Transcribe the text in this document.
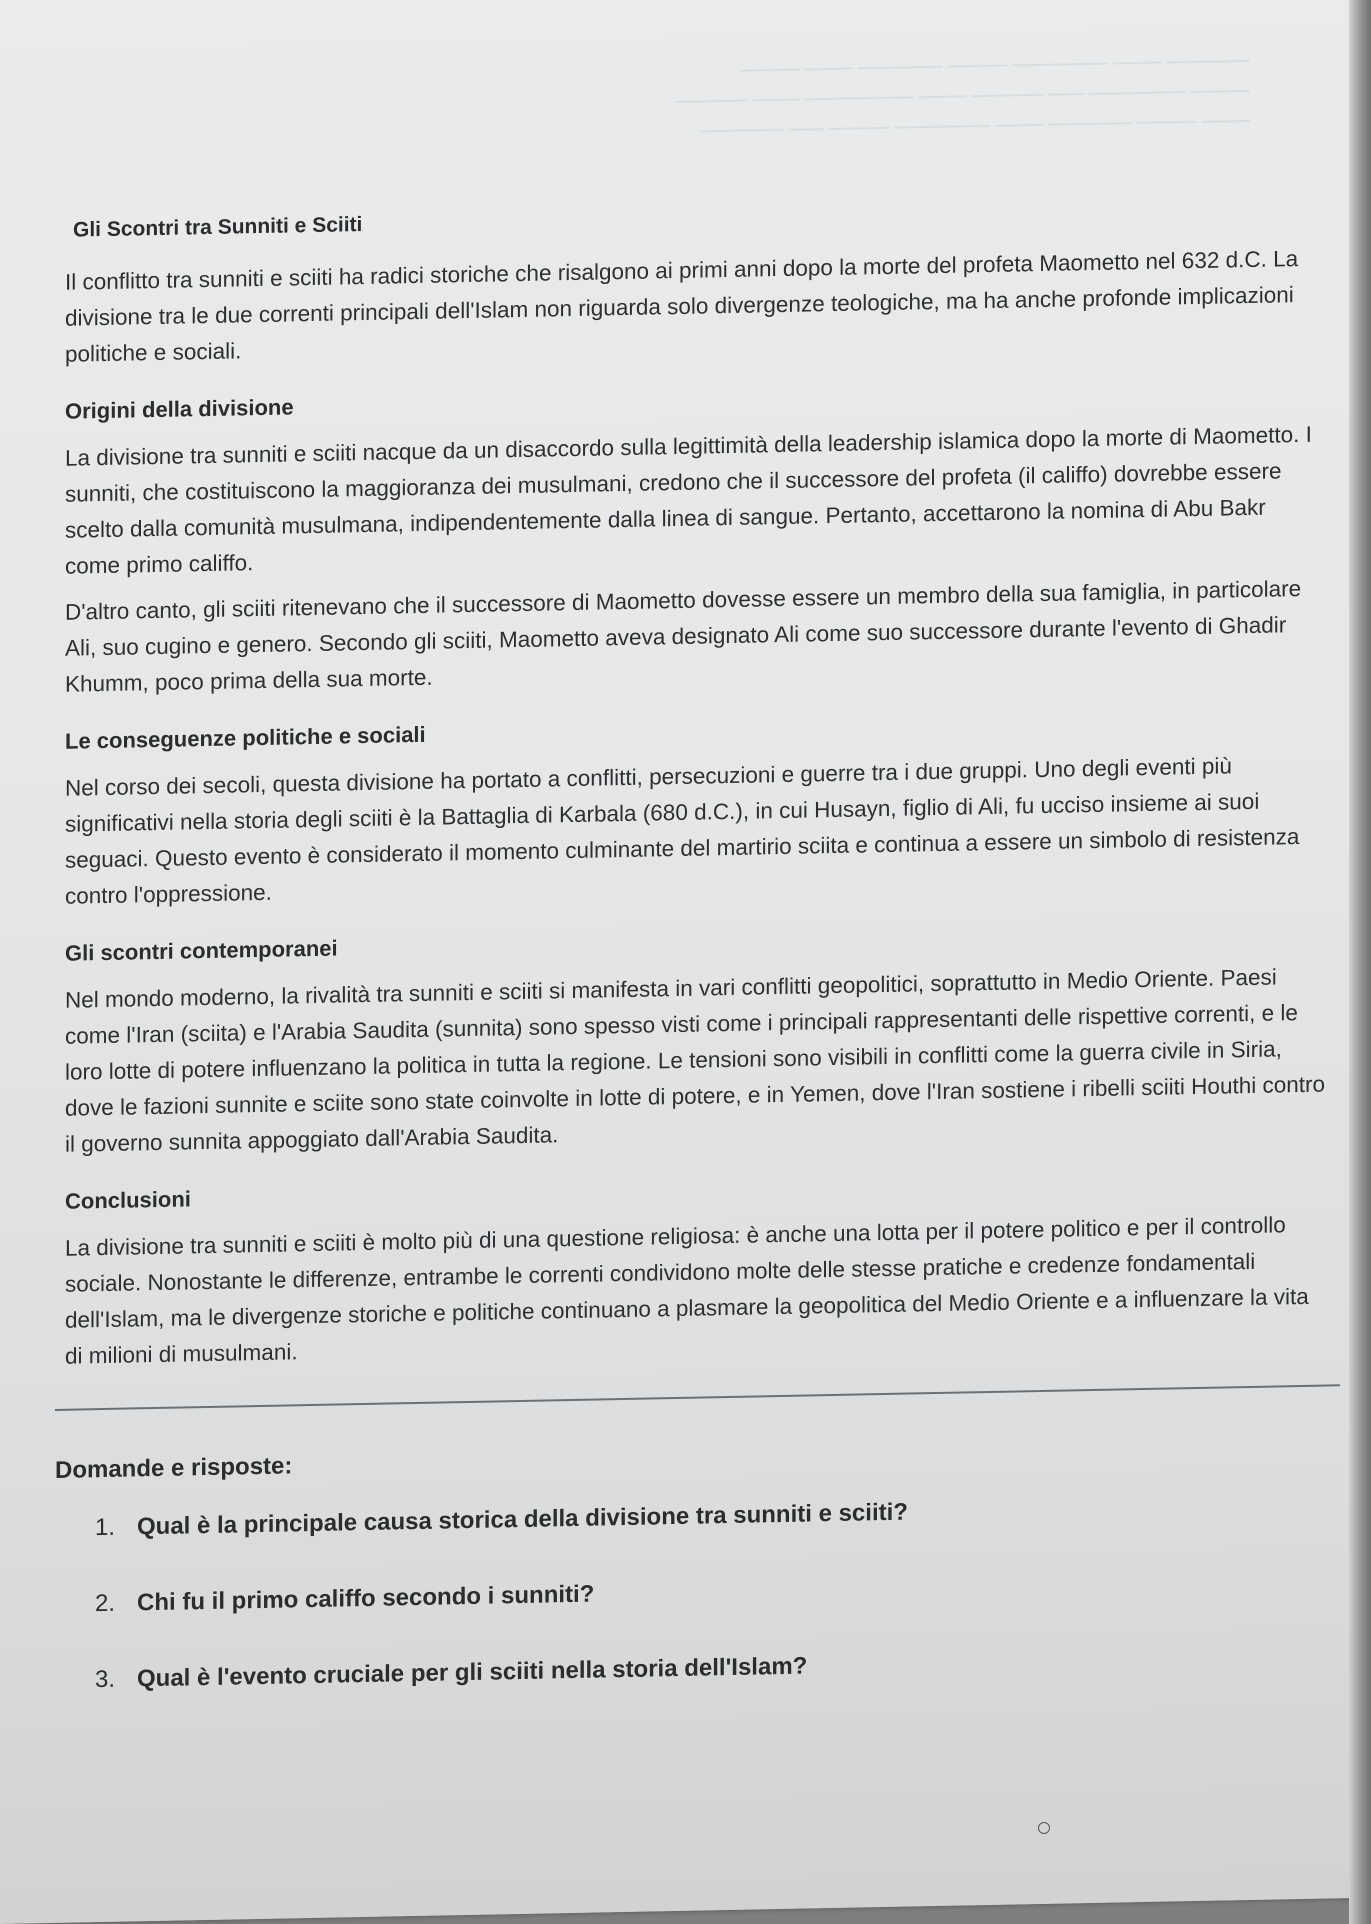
─────── ──── ──────── ───── ─────── ──── ─────
───── ──────── ─── ────── ──── ───────── ──── ──────
──── ───── ─────── ──── ──────── ───── ─── ───────
Gli Scontri tra Sunniti e Sciiti

Il conflitto tra sunniti e sciiti ha radici storiche che risalgono ai primi anni dopo la morte del profeta Maometto nel 632 d.C. La divisione tra le due correnti principali dell'Islam non riguarda solo divergenze teologiche, ma ha anche profonde implicazioni politiche e sociali.

Origini della divisione

La divisione tra sunniti e sciiti nacque da un disaccordo sulla legittimità della leadership islamica dopo la morte di Maometto. I sunniti, che costituiscono la maggioranza dei musulmani, credono che il successore del profeta (il califfo) dovrebbe essere scelto dalla comunità musulmana, indipendentemente dalla linea di sangue. Pertanto, accettarono la nomina di Abu Bakr come primo califfo.

D'altro canto, gli sciiti ritenevano che il successore di Maometto dovesse essere un membro della sua famiglia, in particolare Ali, suo cugino e genero. Secondo gli sciiti, Maometto aveva designato Ali come suo successore durante l'evento di Ghadir Khumm, poco prima della sua morte.

Le conseguenze politiche e sociali

Nel corso dei secoli, questa divisione ha portato a conflitti, persecuzioni e guerre tra i due gruppi. Uno degli eventi più significativi nella storia degli sciiti è la Battaglia di Karbala (680 d.C.), in cui Husayn, figlio di Ali, fu ucciso insieme ai suoi seguaci. Questo evento è considerato il momento culminante del martirio sciita e continua a essere un simbolo di resistenza contro l'oppressione.

Gli scontri contemporanei

Nel mondo moderno, la rivalità tra sunniti e sciiti si manifesta in vari conflitti geopolitici, soprattutto in Medio Oriente. Paesi come l'Iran (sciita) e l'Arabia Saudita (sunnita) sono spesso visti come i principali rappresentanti delle rispettive correnti, e le loro lotte di potere influenzano la politica in tutta la regione. Le tensioni sono visibili in conflitti come la guerra civile in Siria, dove le fazioni sunnite e sciite sono state coinvolte in lotte di potere, e in Yemen, dove l'Iran sostiene i ribelli sciiti Houthi contro il governo sunnita appoggiato dall'Arabia Saudita.

Conclusioni

La divisione tra sunniti e sciiti è molto più di una questione religiosa: è anche una lotta per il potere politico e per il controllo sociale. Nonostante le differenze, entrambe le correnti condividono molte delle stesse pratiche e credenze fondamentali dell'Islam, ma le divergenze storiche e politiche continuano a plasmare la geopolitica del Medio Oriente e a influenzare la vita di milioni di musulmani.

Domande e risposte:
1. Qual è la principale causa storica della divisione tra sunniti e sciiti?
2. Chi fu il primo califfo secondo i sunniti?
3. Qual è l'evento cruciale per gli sciiti nella storia dell'Islam?
